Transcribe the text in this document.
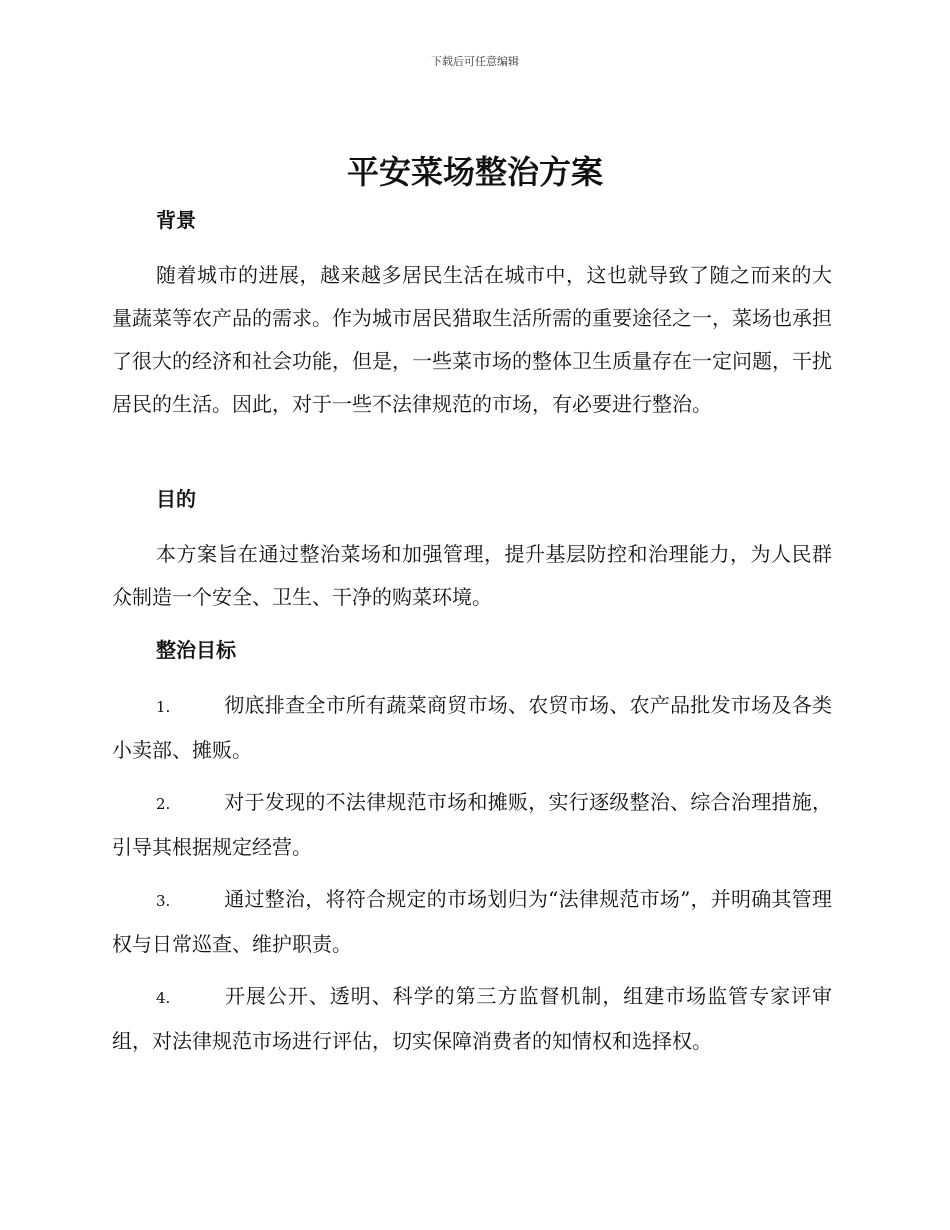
下载后可任意编辑
平安菜场整治方案
背景

随着城市的进展，越来越多居民生活在城市中，这也就导致了随之而来的大量蔬菜等农产品的需求。作为城市居民猎取生活所需的重要途径之一，菜场也承担了很大的经济和社会功能，但是，一些菜市场的整体卫生质量存在一定问题，干扰居民的生活。因此，对于一些不法律规范的市场，有必要进行整治。

目的

本方案旨在通过整治菜场和加强管理，提升基层防控和治理能力，为人民群众制造一个安全、卫生、干净的购菜环境。

整治目标
1.	彻底排查全市所有蔬菜商贸市场、农贸市场、农产品批发市场及各类小卖部、摊贩。
2.	对于发现的不法律规范市场和摊贩，实行逐级整治、综合治理措施，引导其根据规定经营。
3.	通过整治，将符合规定的市场划归为“法律规范市场”，并明确其管理权与日常巡查、维护职责。
4.	开展公开、透明、科学的第三方监督机制，组建市场监管专家评审组，对法律规范市场进行评估，切实保障消费者的知情权和选择权。
